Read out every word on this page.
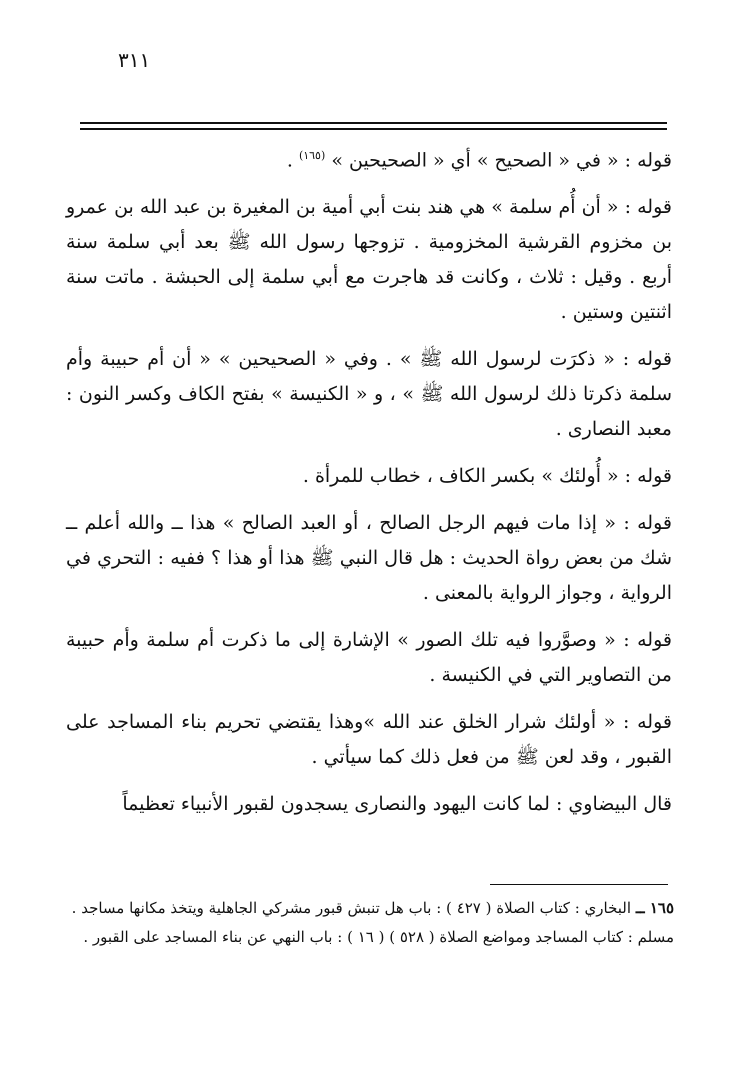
٣١١

قوله : « في « الصحيح » أي « الصحيحين » $^{(١٦٥)}$ .

قوله : « أن أُم سلمة » هي هند بنت أبي أمية بن المغيرة بن عبد الله بن عمرو بن مخزوم القرشية المخزومية . تزوجها رسول الله ﷺ بعد أبي سلمة سنة أربع . وقيل : ثلاث ، وكانت قد هاجرت مع أبي سلمة إلى الحبشة . ماتت سنة اثنتين وستين .

قوله : « ذكرَت لرسول الله ﷺ » . وفي « الصحيحين » « أن أم حبيبة وأم سلمة ذكرتا ذلك لرسول الله ﷺ » ، و « الكنيسة » بفتح الكاف وكسر النون : معبد النصارى .

قوله : « أُولئك » بكسر الكاف ، خطاب للمرأة .

قوله : « إذا مات فيهم الرجل الصالح ، أو العبد الصالح » هذا ــ والله أعلم ــ شك من بعض رواة الحديث : هل قال النبي ﷺ هذا أو هذا ؟ ففيه : التحري في الرواية ، وجواز الرواية بالمعنى .

قوله : « وصوَّروا فيه تلك الصور » الإشارة إلى ما ذكرت أم سلمة وأم حبيبة من التصاوير التي في الكنيسة .

قوله : « أولئك شرار الخلق عند الله »وهذا يقتضي تحريم بناء المساجد على القبور ، وقد لعن ﷺ من فعل ذلك كما سيأتي .

قال البيضاوي : لما كانت اليهود والنصارى يسجدون لقبور الأنبياء تعظيماً

١٦٥ ــ البخاري : كتاب الصلاة ( ٤٢٧ ) : باب هل تنبش قبور مشركي الجاهلية ويتخذ مكانها مساجد .

مسلم : كتاب المساجد ومواضع الصلاة ( ٥٢٨ ) ( ١٦ ) : باب النهي عن بناء المساجد على القبور .
